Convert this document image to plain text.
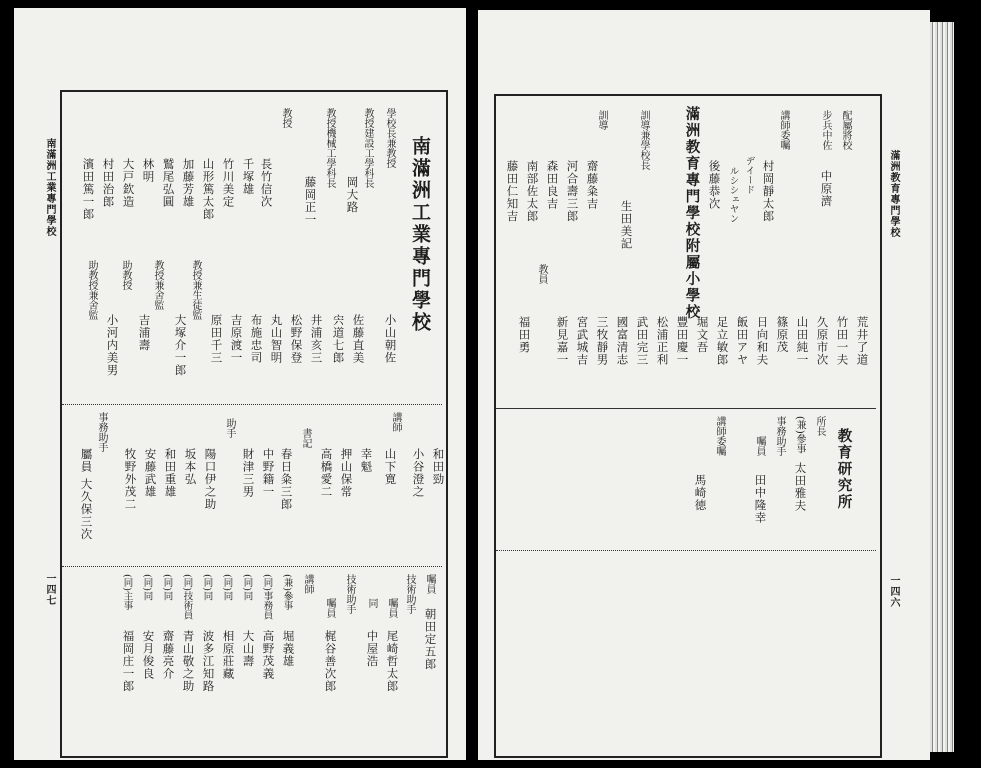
南滿洲工業專門學校
一四七
南滿洲工業專門學校
學校長兼教授
小山朝佐
教授建設工學科長
岡大路
教授機械工學科長
藤岡正一
教授
長竹信次
千塚雄
竹川美定
山形篤太郎
加藤芳雄
鷲尾弘圓
林明
大戸欽造
村田治郎
濱田篤一郎
佐藤直美
宍道七郎
井浦亥三
松野保登
丸山智明
布施忠司
吉原渡一
原田千三
教授兼生徒監
大塚介一郎
教授兼舍監
吉浦壽
助教授
小河内美男
助教授兼舍監
講師
和田勁
小谷澄之
山下寛
幸魁
押山保常
高橋愛二
書記
春日粂三郎
中野籍一
財津三男
陽口伊之助
坂本弘
和田重雄
安藤武雄
牧野外茂二
助手
事務助手
屬員 大久保三次
囑員
朝田定五郎
技術助手
囑員
尾崎哲太郎
同
中屋浩
技術助手
囑員
梶谷善次郎
講師
(兼)參事
堀義雄
(同)事務員
高野茂義
(同)同
大山壽
(同)同
相原莊藏
(同)同
波多江知路
(同)技術員
青山敬之助
(同)同
齋藤亮介
(同)同
安月俊良
(同)主事
福岡庄一郎
滿洲教育專門學校
一四六
配屬將校
步兵中佐
中原濟
講師委囑
村岡靜太郎
デイード
ルシシェヤン
後藤恭次
滿洲教育專門學校附屬小學校
訓導兼學校長
生田美記
訓導
齋藤粂吉
河合壽三郎
森田良吉
南部佐太郎
藤田仁知吉
荒井了道
竹田一夫
久原市次
山田純一
篠原茂
日向和夫
飯田アヤ
足立敏郎
堀文吾
豐田慶一
松浦正利
武田完三
國富清志
三牧靜男
宮武城吉
新見嘉一
教員
福田勇
教育研究所
所長
(兼)參事
太田雅夫
事務助手
囑員
田中隆幸
講師委囑
馬崎徳
